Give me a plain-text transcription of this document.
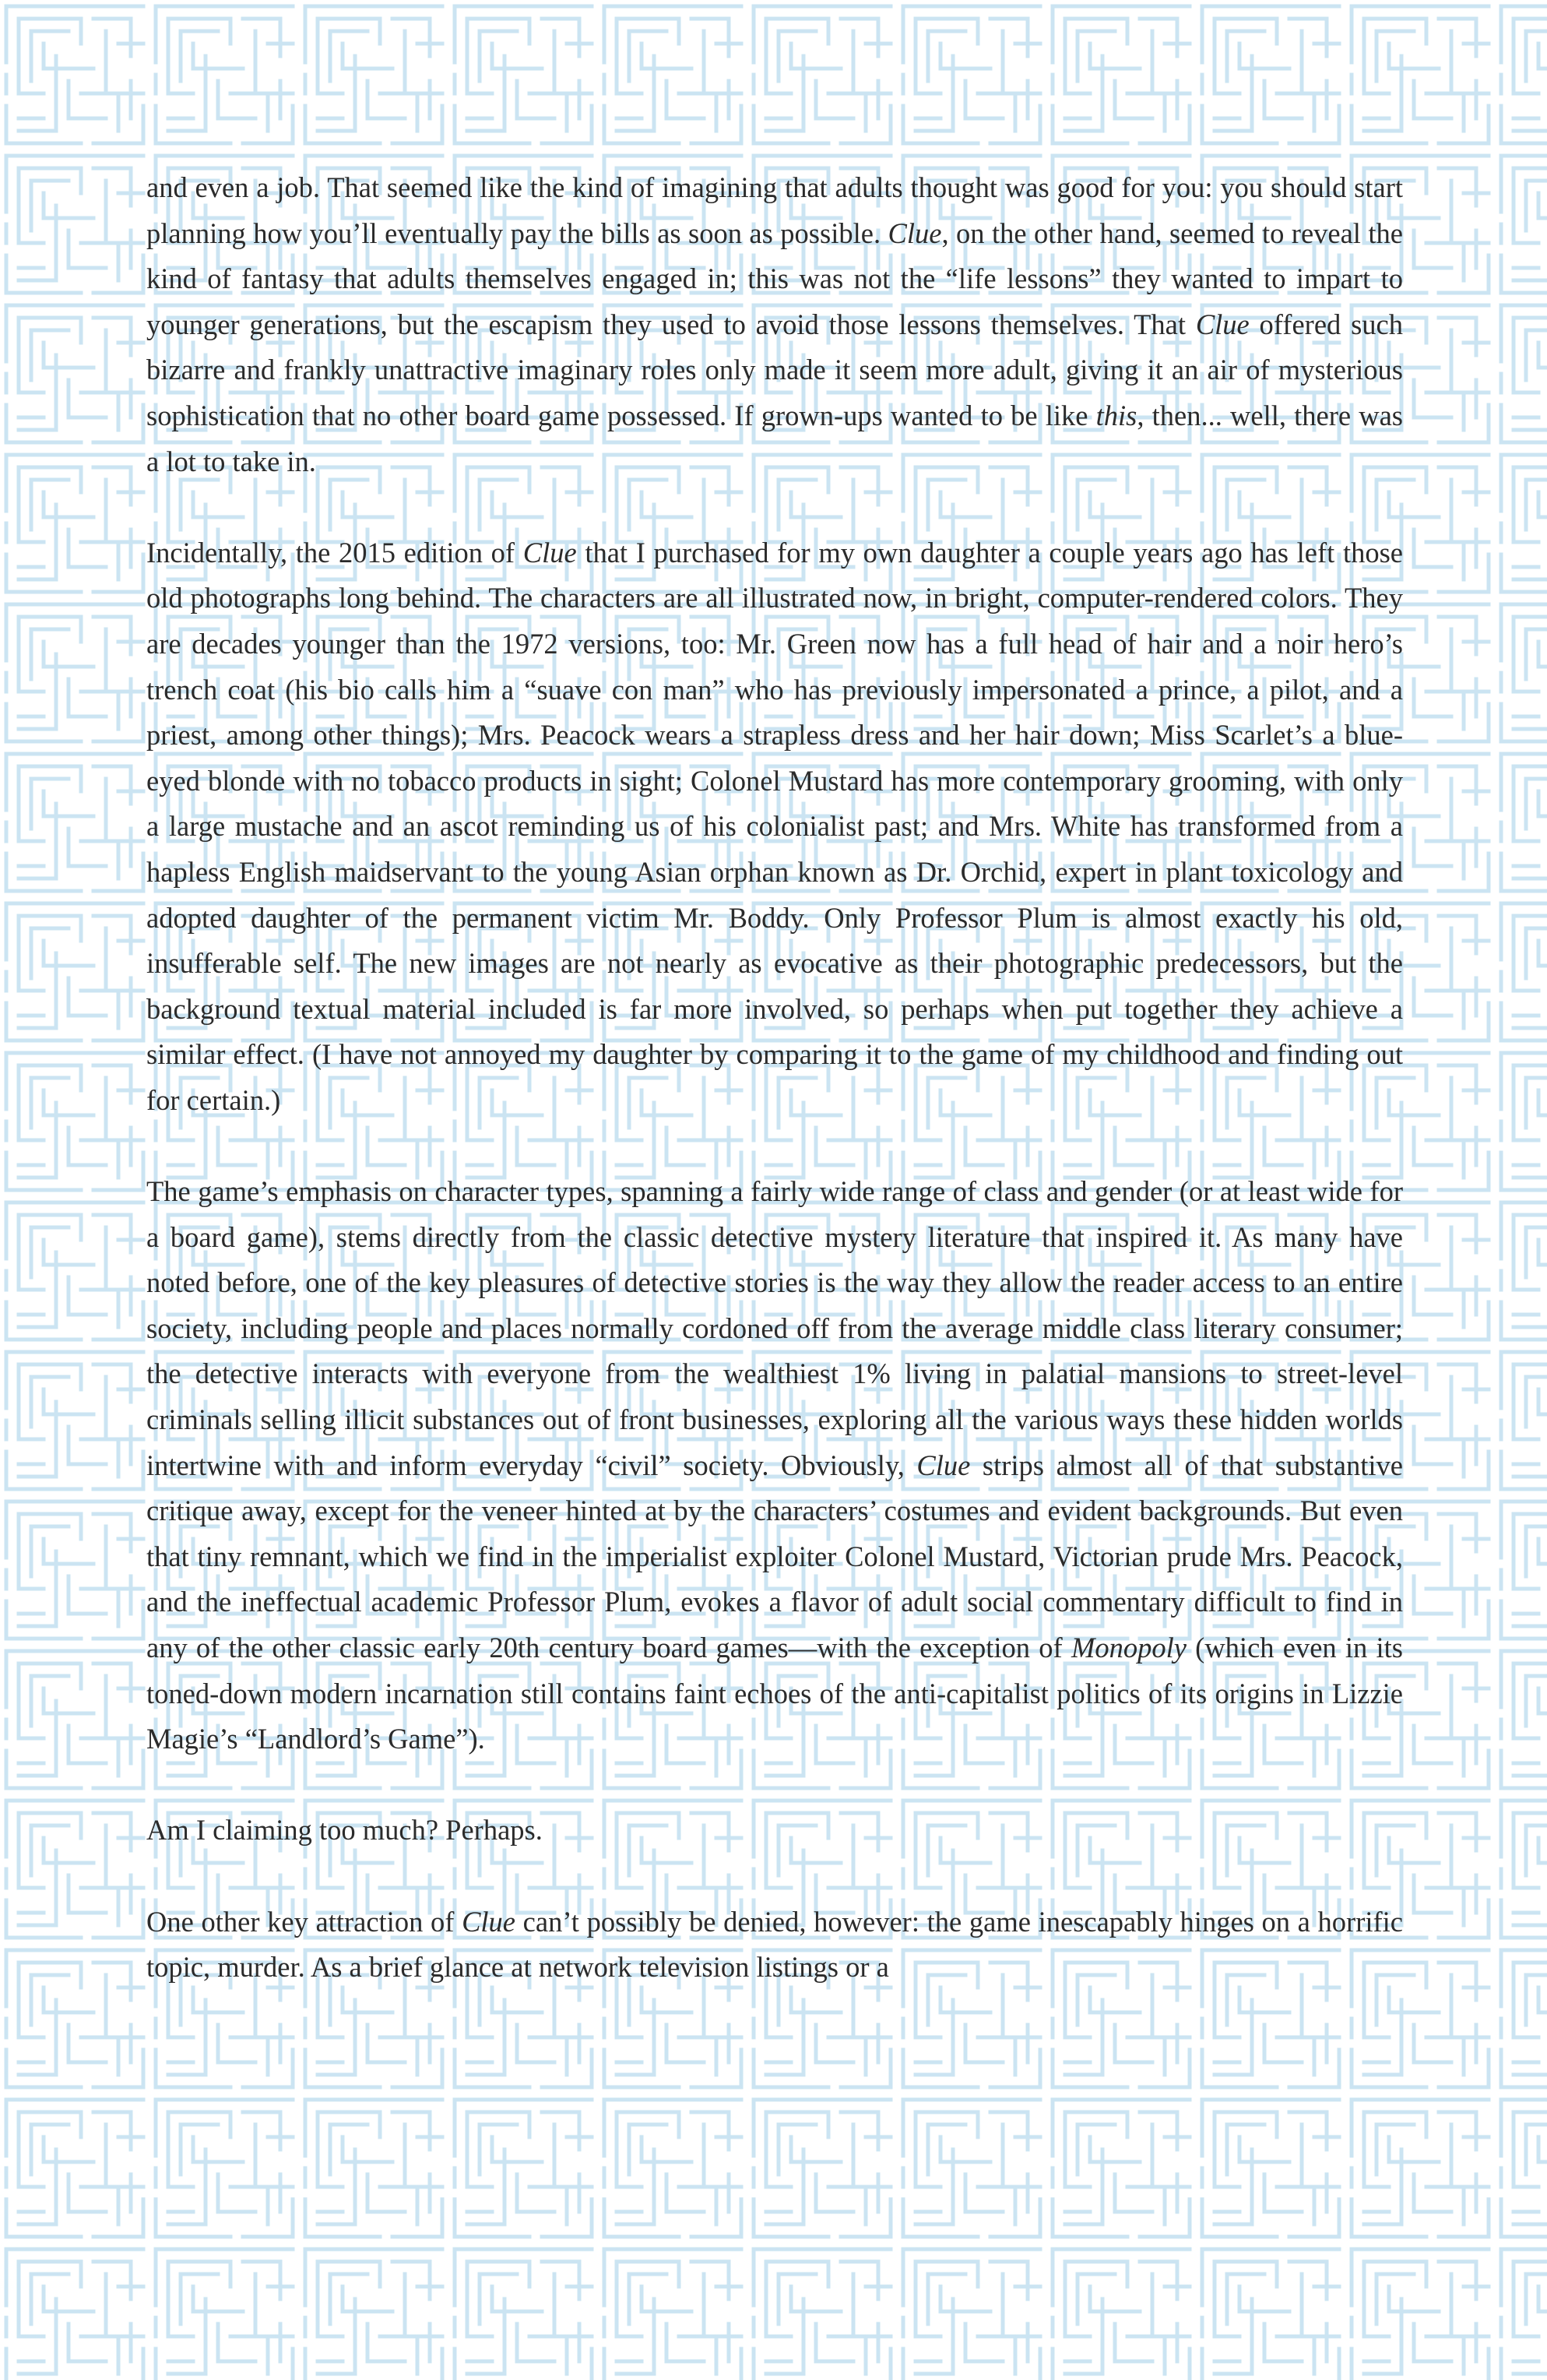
and even a job. That seemed like the kind of imagining that adults thought was good for you: you should start planning how you’ll eventually pay the bills as soon as possible. Clue, on the other hand, seemed to reveal the kind of fantasy that adults themselves engaged in; this was not the “life lessons” they wanted to impart to younger generations, but the escapism they used to avoid those lessons themselves. That Clue offered such bizarre and frankly unattractive imaginary roles only made it seem more adult, giving it an air of mysterious sophistication that no other board game possessed. If grown-ups wanted to be like this, then... well, there was a lot to take in.

Incidentally, the 2015 edition of Clue that I purchased for my own daughter a couple years ago has left those old photographs long behind. The characters are all illustrated now, in bright, computer-rendered colors. They are decades younger than the 1972 versions, too: Mr. Green now has a full head of hair and a noir hero’s trench coat (his bio calls him a “suave con man” who has previously impersonated a prince, a pilot, and a priest, among other things); Mrs. Peacock wears a strapless dress and her hair down; Miss Scarlet’s a blue-eyed blonde with no tobacco products in sight; Colonel Mustard has more contemporary grooming, with only a large mustache and an ascot reminding us of his colonialist past; and Mrs. White has transformed from a hapless English maidservant to the young Asian orphan known as Dr. Orchid, expert in plant toxicology and adopted daughter of the permanent victim Mr. Boddy. Only Professor Plum is almost exactly his old, insufferable self. The new images are not nearly as evocative as their photographic predecessors, but the background textual material included is far more involved, so perhaps when put together they achieve a similar effect. (I have not annoyed my daughter by comparing it to the game of my childhood and finding out for certain.)

The game’s emphasis on character types, spanning a fairly wide range of class and gender (or at least wide for a board game), stems directly from the classic detective mystery literature that inspired it. As many have noted before, one of the key pleasures of detective stories is the way they allow the reader access to an entire society, including people and places normally cordoned off from the average middle class literary consumer; the detective interacts with everyone from the wealthiest 1% living in palatial mansions to street-level criminals selling illicit substances out of front businesses, exploring all the various ways these hidden worlds intertwine with and inform everyday “civil” society. Obviously, Clue strips almost all of that substantive critique away, except for the veneer hinted at by the characters’ costumes and evident backgrounds. But even that tiny remnant, which we find in the imperialist exploiter Colonel Mustard, Victorian prude Mrs. Peacock, and the ineffectual academic Professor Plum, evokes a flavor of adult social commentary difficult to find in any of the other classic early 20th century board games—with the exception of Monopoly (which even in its toned-down modern incarnation still contains faint echoes of the anti-capitalist politics of its origins in Lizzie Magie’s “Landlord’s Game”).

Am I claiming too much? Perhaps.

One other key attraction of Clue can’t possibly be denied, however: the game inescapably hinges on a horrific topic, murder. As a brief glance at network television listings or a
